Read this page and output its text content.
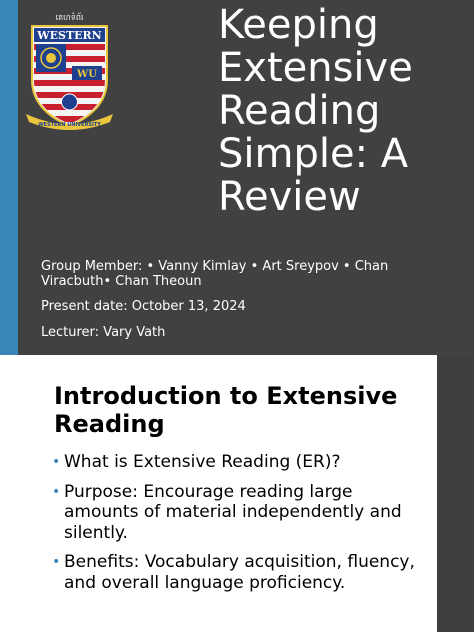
គេហទំព័រ
WESTERN
WU
WESTERN UNIVERSITY
Keeping Extensive Reading Simple: A Review
Group Member: • Vanny Kimlay • Art Sreypov • Chan Viracbuth• Chan Theoun
Present date: October 13, 2024
Lecturer: Vary Vath
Introduction to Extensive Reading
• What is Extensive Reading (ER)?
• Purpose: Encourage reading large amounts of material independently and silently.
• Benefits: Vocabulary acquisition, fluency, and overall language proficiency.
